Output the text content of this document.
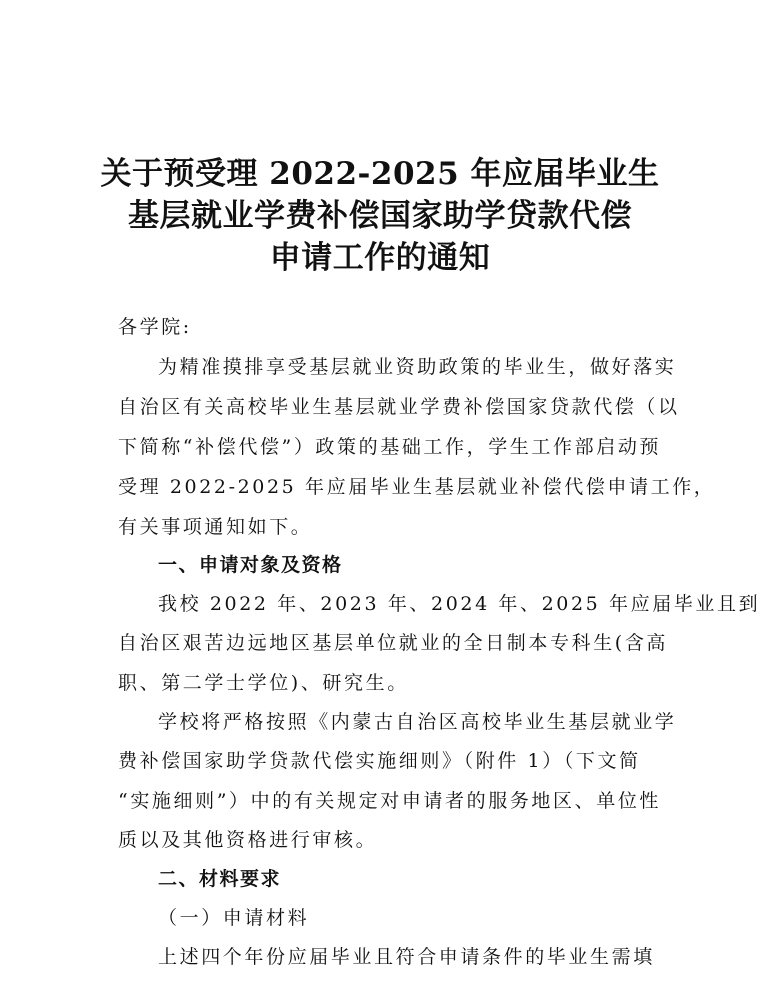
关于预受理 2022-2025 年应届毕业生
基层就业学费补偿国家助学贷款代偿
申请工作的通知
各学院:
为精准摸排享受基层就业资助政策的毕业生，做好落实
自治区有关高校毕业生基层就业学费补偿国家贷款代偿（以
下简称“补偿代偿”）政策的基础工作，学生工作部启动预
受理 2022-2025 年应届毕业生基层就业补偿代偿申请工作，
有关事项通知如下。
一、申请对象及资格
我校 2022 年、2023 年、2024 年、2025 年应届毕业且到
自治区艰苦边远地区基层单位就业的全日制本专科生(含高
职、第二学士学位)、研究生。
学校将严格按照《内蒙古自治区高校毕业生基层就业学
费补偿国家助学贷款代偿实施细则》（附件 1）（下文简
“实施细则”）中的有关规定对申请者的服务地区、单位性
质以及其他资格进行审核。
二、材料要求
（一）申请材料
上述四个年份应届毕业且符合申请条件的毕业生需填
